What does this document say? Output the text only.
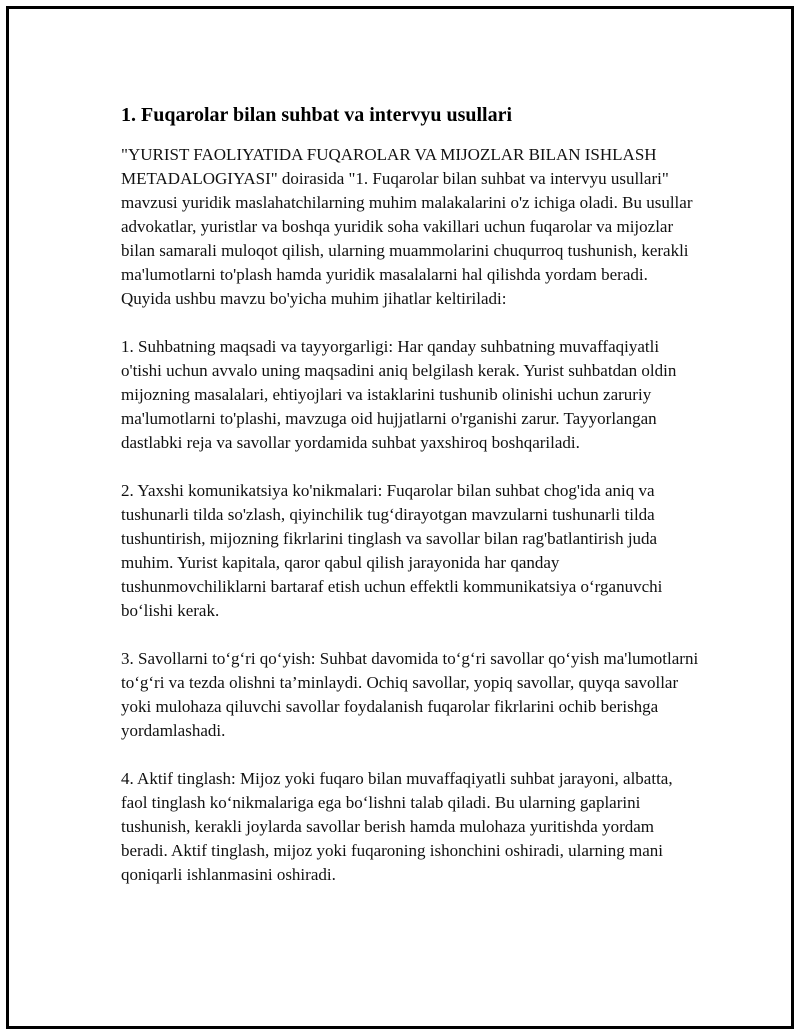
1. Fuqarolar bilan suhbat va intervyu usullari

"YURIST FAOLIYATIDA FUQAROLAR VA MIJOZLAR BILAN ISHLASH METADALOGIYASI" doirasida "1. Fuqarolar bilan suhbat va intervyu usullari" mavzusi yuridik maslahatchilarning muhim malakalarini o'z ichiga oladi. Bu usullar advokatlar, yuristlar va boshqa yuridik soha vakillari uchun fuqarolar va mijozlar bilan samarali muloqot qilish, ularning muammolarini chuqurroq tushunish, kerakli ma'lumotlarni to'plash hamda yuridik masalalarni hal qilishda yordam beradi. Quyida ushbu mavzu bo'yicha muhim jihatlar keltiriladi:

1. Suhbatning maqsadi va tayyorgarligi: Har qanday suhbatning muvaffaqiyatli o'tishi uchun avvalo uning maqsadini aniq belgilash kerak. Yurist suhbatdan oldin mijozning masalalari, ehtiyojlari va istaklarini tushunib olinishi uchun zaruriy ma'lumotlarni to'plashi, mavzuga oid hujjatlarni o'rganishi zarur. Tayyorlangan dastlabki reja va savollar yordamida suhbat yaxshiroq boshqariladi.

2. Yaxshi komunikatsiya ko'nikmalari: Fuqarolar bilan suhbat chog'ida aniq va tushunarli tilda so'zlash, qiyinchilik tug‘dirayotgan mavzularni tushunarli tilda tushuntirish, mijozning fikrlarini tinglash va savollar bilan rag'batlantirish juda muhim. Yurist kapitala, qaror qabul qilish jarayonida har qanday tushunmovchiliklarni bartaraf etish uchun effektli kommunikatsiya o‘rganuvchi bo‘lishi kerak.

3. Savollarni to‘g‘ri qo‘yish: Suhbat davomida to‘g‘ri savollar qo‘yish ma'lumotlarni to‘g‘ri va tezda olishni ta’minlaydi. Ochiq savollar, yopiq savollar, quyqa savollar yoki mulohaza qiluvchi savollar foydalanish fuqarolar fikrlarini ochib berishga yordamlashadi.

4. Aktif tinglash: Mijoz yoki fuqaro bilan muvaffaqiyatli suhbat jarayoni, albatta, faol tinglash ko‘nikmalariga ega bo‘lishni talab qiladi. Bu ularning gaplarini tushunish, kerakli joylarda savollar berish hamda mulohaza yuritishda yordam beradi. Aktif tinglash, mijoz yoki fuqaroning ishonchini oshiradi, ularning mani qoniqarli ishlanmasini oshiradi.
